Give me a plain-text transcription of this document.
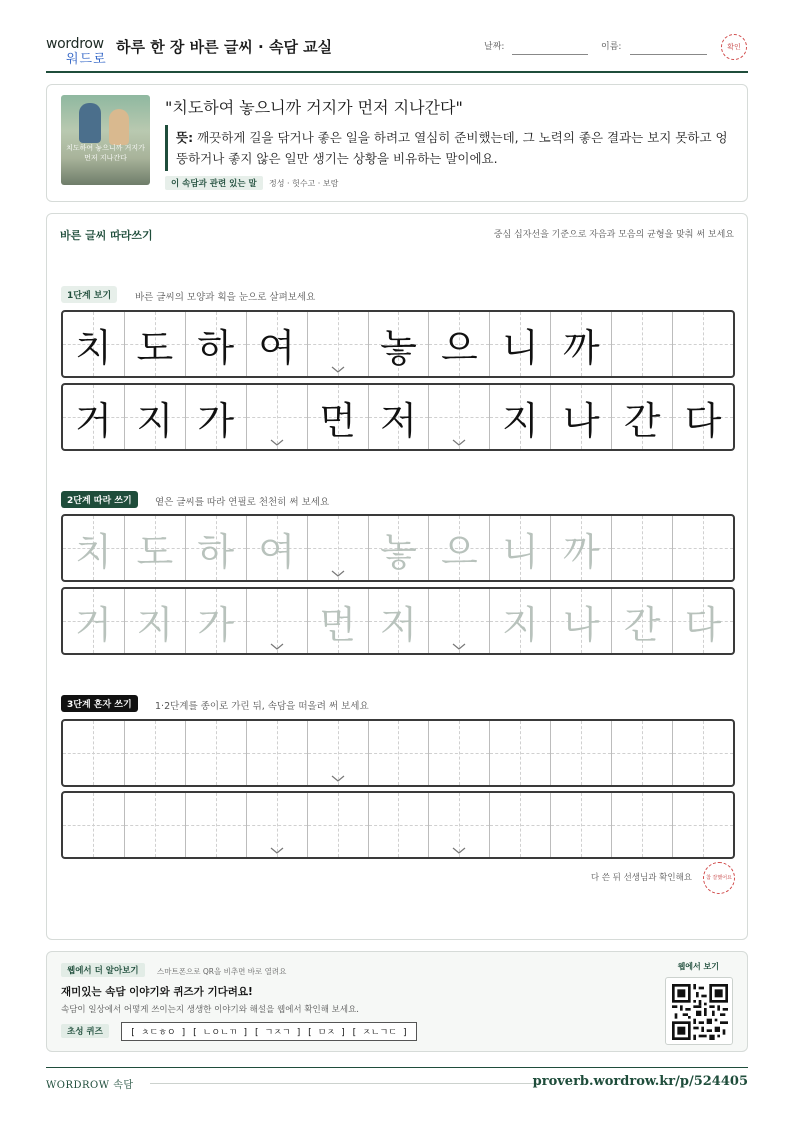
wordrow
워드로
하루 한 장 바른 글씨 · 속담 교실	날짜:	이름:	확인
치도하여 놓으니까 거지가 먼저 지나간다
"치도하여 놓으니까 거지가 먼저 지나간다"
뜻: 깨끗하게 길을 닦거나 좋은 일을 하려고 열심히 준비했는데, 그 노력의 좋은 결과는 보지 못하고 엉뚱하거나 좋지 않은 일만 생기는 상황을 비유하는 말이에요.
이 속담과 관련 있는 말	정성 · 헛수고 · 보람
바른 글씨 따라쓰기	중심 십자선을 기준으로 자음과 모음의 균형을 맞춰 써 보세요
1단계 보기	바른 글씨의 모양과 획을 눈으로 살펴보세요
치 도 하 여	놓 으 니 까
거 지 가	먼 저	지 나 간 다
2단계 따라 쓰기	옅은 글씨를 따라 연필로 천천히 써 보세요
치 도 하 여	놓 으 니 까
거 지 가	먼 저	지 나 간 다
3단계 혼자 쓰기	1·2단계를 종이로 가린 뒤, 속담을 떠올려 써 보세요
다 쓴 뒤 선생님과 확인해요	참 잘했어요
웹에서 더 알아보기	스마트폰으로 QR을 비추면 바로 열려요
재미있는 속담 이야기와 퀴즈가 기다려요!
속담이 일상에서 어떻게 쓰이는지 생생한 이야기와 해설을 웹에서 확인해 보세요.
초성 퀴즈	[ ㅊㄷㅎㅇ ] [ ㄴㅇㄴㄲ ] [ ㄱㅈㄱ ] [ ㅁㅈ ] [ ㅈㄴㄱㄷ ]
웹에서 보기
WORDROW 속담	proverb.wordrow.kr/p/524405
